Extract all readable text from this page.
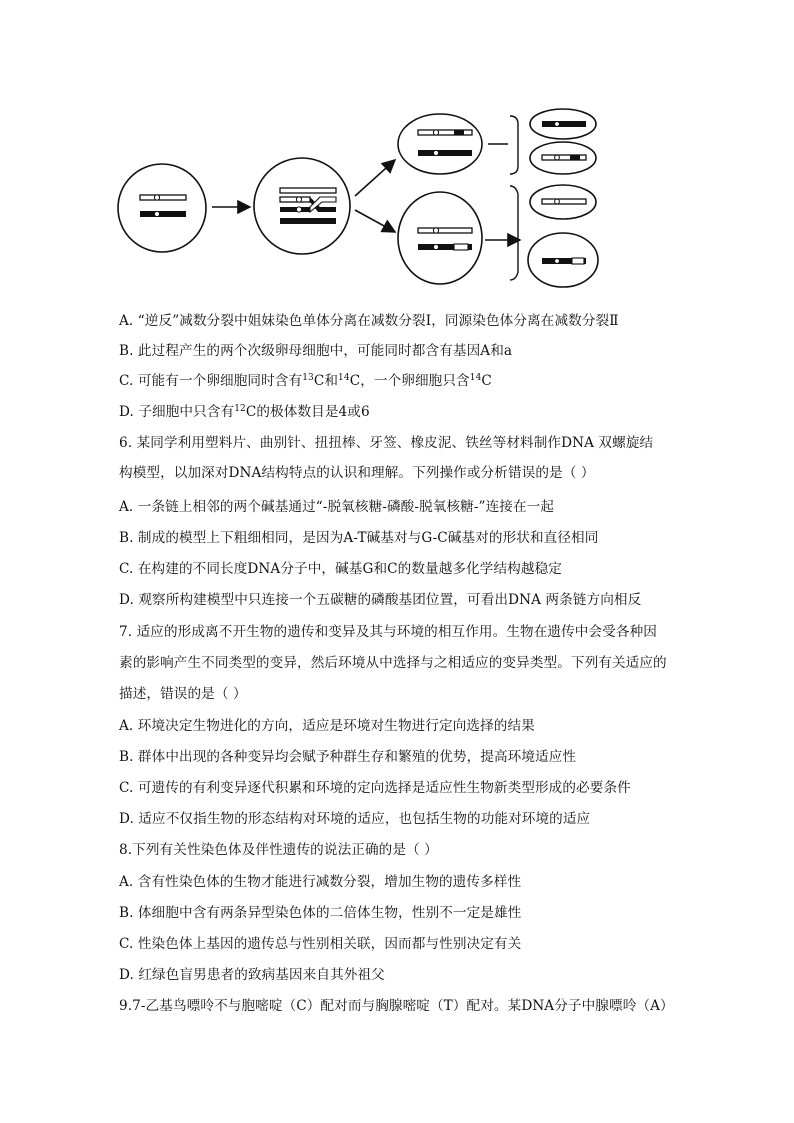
A. “逆反”减数分裂中姐妹染色单体分离在减数分裂Ⅰ，同源染色体分离在减数分裂Ⅱ
B. 此过程产生的两个次级卵母细胞中，可能同时都含有基因A和a
C. 可能有一个卵细胞同时含有$^{13}$C和$^{14}$C，一个卵细胞只含$^{14}$C
D. 子细胞中只含有$^{12}$C的极体数目是4或6
6. 某同学利用塑料片、曲别针、扭扭棒、牙签、橡皮泥、铁丝等材料制作DNA 双螺旋结
构模型，以加深对DNA结构特点的认识和理解。下列操作或分析错误的是（ ）
A. 一条链上相邻的两个碱基通过“-脱氧核糖-磷酸-脱氧核糖-”连接在一起
B. 制成的模型上下粗细相同，是因为A-T碱基对与G-C碱基对的形状和直径相同
C. 在构建的不同长度DNA分子中，碱基G和C的数量越多化学结构越稳定
D. 观察所构建模型中只连接一个五碳糖的磷酸基团位置，可看出DNA 两条链方向相反
7. 适应的形成离不开生物的遗传和变异及其与环境的相互作用。生物在遗传中会受各种因
素的影响产生不同类型的变异，然后环境从中选择与之相适应的变异类型。下列有关适应的
描述，错误的是（ ）
A. 环境决定生物进化的方向，适应是环境对生物进行定向选择的结果
B. 群体中出现的各种变异均会赋予种群生存和繁殖的优势，提高环境适应性
C. 可遗传的有利变异逐代积累和环境的定向选择是适应性生物新类型形成的必要条件
D. 适应不仅指生物的形态结构对环境的适应，也包括生物的功能对环境的适应
8.下列有关性染色体及伴性遗传的说法正确的是（ ）
A. 含有性染色体的生物才能进行减数分裂，增加生物的遗传多样性
B. 体细胞中含有两条异型染色体的二倍体生物，性别不一定是雄性
C. 性染色体上基因的遗传总与性别相关联，因而都与性别决定有关
D. 红绿色盲男患者的致病基因来自其外祖父
9.7-乙基鸟嘌呤不与胞嘧啶（C）配对而与胸腺嘧啶（T）配对。某DNA分子中腺嘌呤（A）
